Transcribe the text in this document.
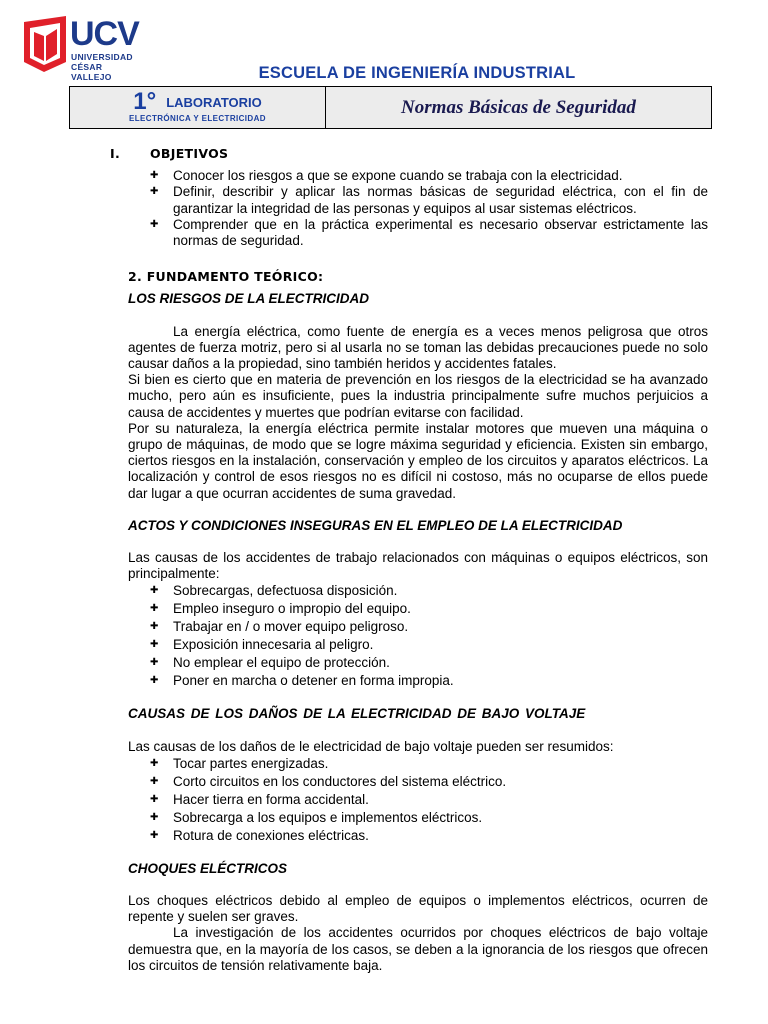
UCV
UNIVERSIDAD
CÉSAR VALLEJO	ESCUELA DE INGENIERÍA INDUSTRIAL
1° LABORATORIO
ELECTRÓNICA Y ELECTRICIDAD
Normas Básicas de Seguridad
I. OBJETIVOS
✚ Conocer los riesgos a que se expone cuando se trabaja con la electricidad.
✚ Definir, describir y aplicar las normas básicas de seguridad eléctrica, con el fin de garantizar la integridad de las personas y equipos al usar sistemas eléctricos.
✚ Comprender que en la práctica experimental es necesario observar estrictamente las normas de seguridad.
2. FUNDAMENTO TEÓRICO:
LOS RIESGOS DE LA ELECTRICIDAD

La energía eléctrica, como fuente de energía es a veces menos peligrosa que otros agentes de fuerza motriz, pero si al usarla no se toman las debidas precauciones puede no solo causar daños a la propiedad, sino también heridos y accidentes fatales.

Si bien es cierto que en materia de prevención en los riesgos de la electricidad se ha avanzado mucho, pero aún es insuficiente, pues la industria principalmente sufre muchos perjuicios a causa de accidentes y muertes que podrían evitarse con facilidad.

Por su naturaleza, la energía eléctrica permite instalar motores que mueven una máquina o grupo de máquinas, de modo que se logre máxima seguridad y eficiencia. Existen sin embargo, ciertos riesgos en la instalación, conservación y empleo de los circuitos y aparatos eléctricos. La localización y control de esos riesgos no es difícil ni costoso, más no ocuparse de ellos puede dar lugar a que ocurran accidentes de suma gravedad.

ACTOS Y CONDICIONES INSEGURAS EN EL EMPLEO DE LA ELECTRICIDAD

Las causas de los accidentes de trabajo relacionados con máquinas o equipos eléctricos, son principalmente:

✚ Sobrecargas, defectuosa disposición.
✚ Empleo inseguro o impropio del equipo.
✚ Trabajar en / o mover equipo peligroso.
✚ Exposición innecesaria al peligro.
✚ No emplear el equipo de protección.
✚ Poner en marcha o detener en forma impropia.
CAUSAS DE LOS DAÑOS DE LA ELECTRICIDAD DE BAJO VOLTAJE

Las causas de los daños de le electricidad de bajo voltaje pueden ser resumidos:

✚ Tocar partes energizadas.
✚ Corto circuitos en los conductores del sistema eléctrico.
✚ Hacer tierra en forma accidental.
✚ Sobrecarga a los equipos e implementos eléctricos.
✚ Rotura de conexiones eléctricas.
CHOQUES ELÉCTRICOS

Los choques eléctricos debido al empleo de equipos o implementos eléctricos, ocurren de repente y suelen ser graves.

La investigación de los accidentes ocurridos por choques eléctricos de bajo voltaje demuestra que, en la mayoría de los casos, se deben a la ignorancia de los riesgos que ofrecen los circuitos de tensión relativamente baja.
